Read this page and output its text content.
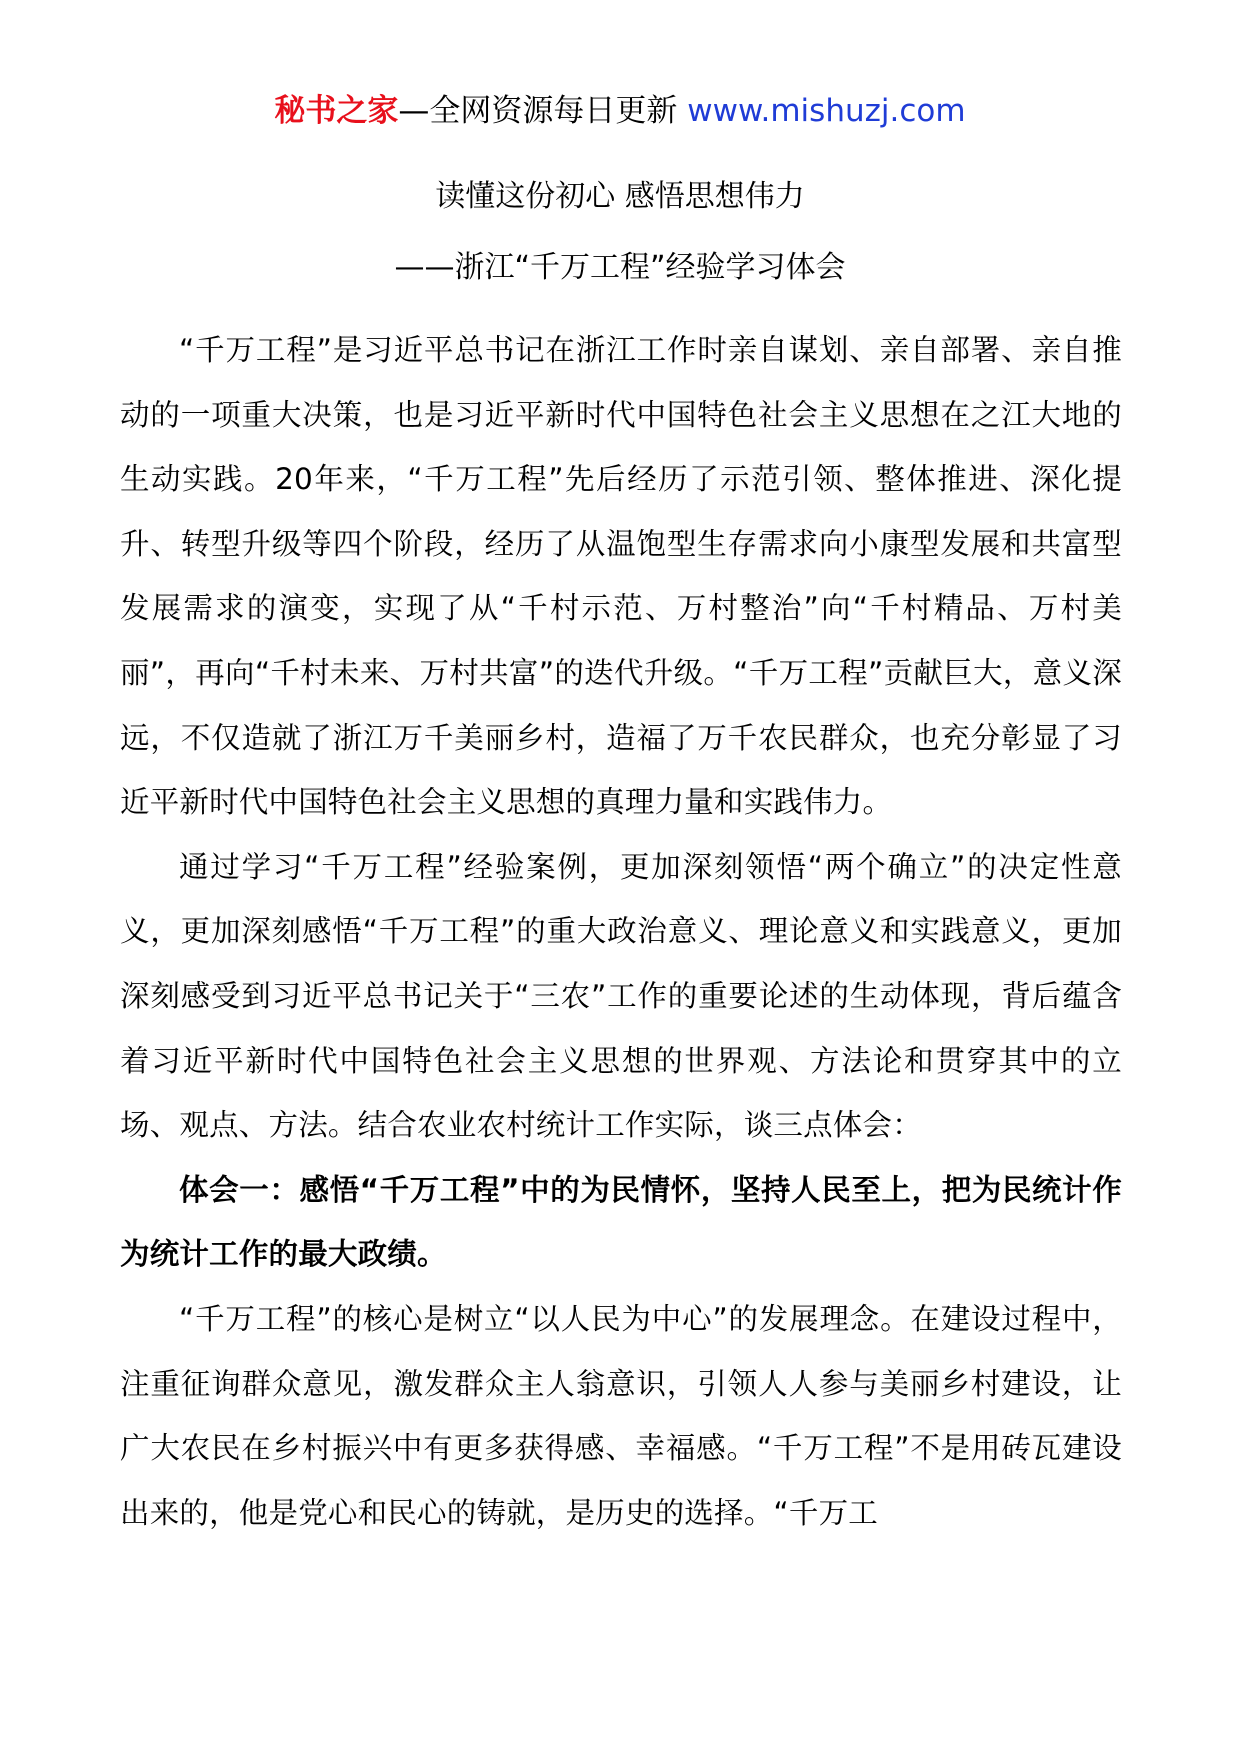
秘书之家—全网资源每日更新 www.mishuzj.com
读懂这份初心 感悟思想伟力
——浙江“千万工程”经验学习体会

“千万工程”是习近平总书记在浙江工作时亲自谋划、亲自部署、亲自推动的一项重大决策，也是习近平新时代中国特色社会主义思想在之江大地的生动实践。20年来，“千万工程”先后经历了示范引领、整体推进、深化提升、转型升级等四个阶段，经历了从温饱型生存需求向小康型发展和共富型发展需求的演变，实现了从“千村示范、万村整治”向“千村精品、万村美丽”，再向“千村未来、万村共富”的迭代升级。“千万工程”贡献巨大，意义深远，不仅造就了浙江万千美丽乡村，造福了万千农民群众，也充分彰显了习近平新时代中国特色社会主义思想的真理力量和实践伟力。

通过学习“千万工程”经验案例，更加深刻领悟“两个确立”的决定性意义，更加深刻感悟“千万工程”的重大政治意义、理论意义和实践意义，更加深刻感受到习近平总书记关于“三农”工作的重要论述的生动体现，背后蕴含着习近平新时代中国特色社会主义思想的世界观、方法论和贯穿其中的立场、观点、方法。结合农业农村统计工作实际，谈三点体会：

体会一：感悟“千万工程”中的为民情怀，坚持人民至上，把为民统计作为统计工作的最大政绩。

“千万工程”的核心是树立“以人民为中心”的发展理念。在建设过程中，注重征询群众意见，激发群众主人翁意识，引领人人参与美丽乡村建设，让广大农民在乡村振兴中有更多获得感、幸福感。“千万工程”不是用砖瓦建设出来的，他是党心和民心的铸就，是历史的选择。“千万工
